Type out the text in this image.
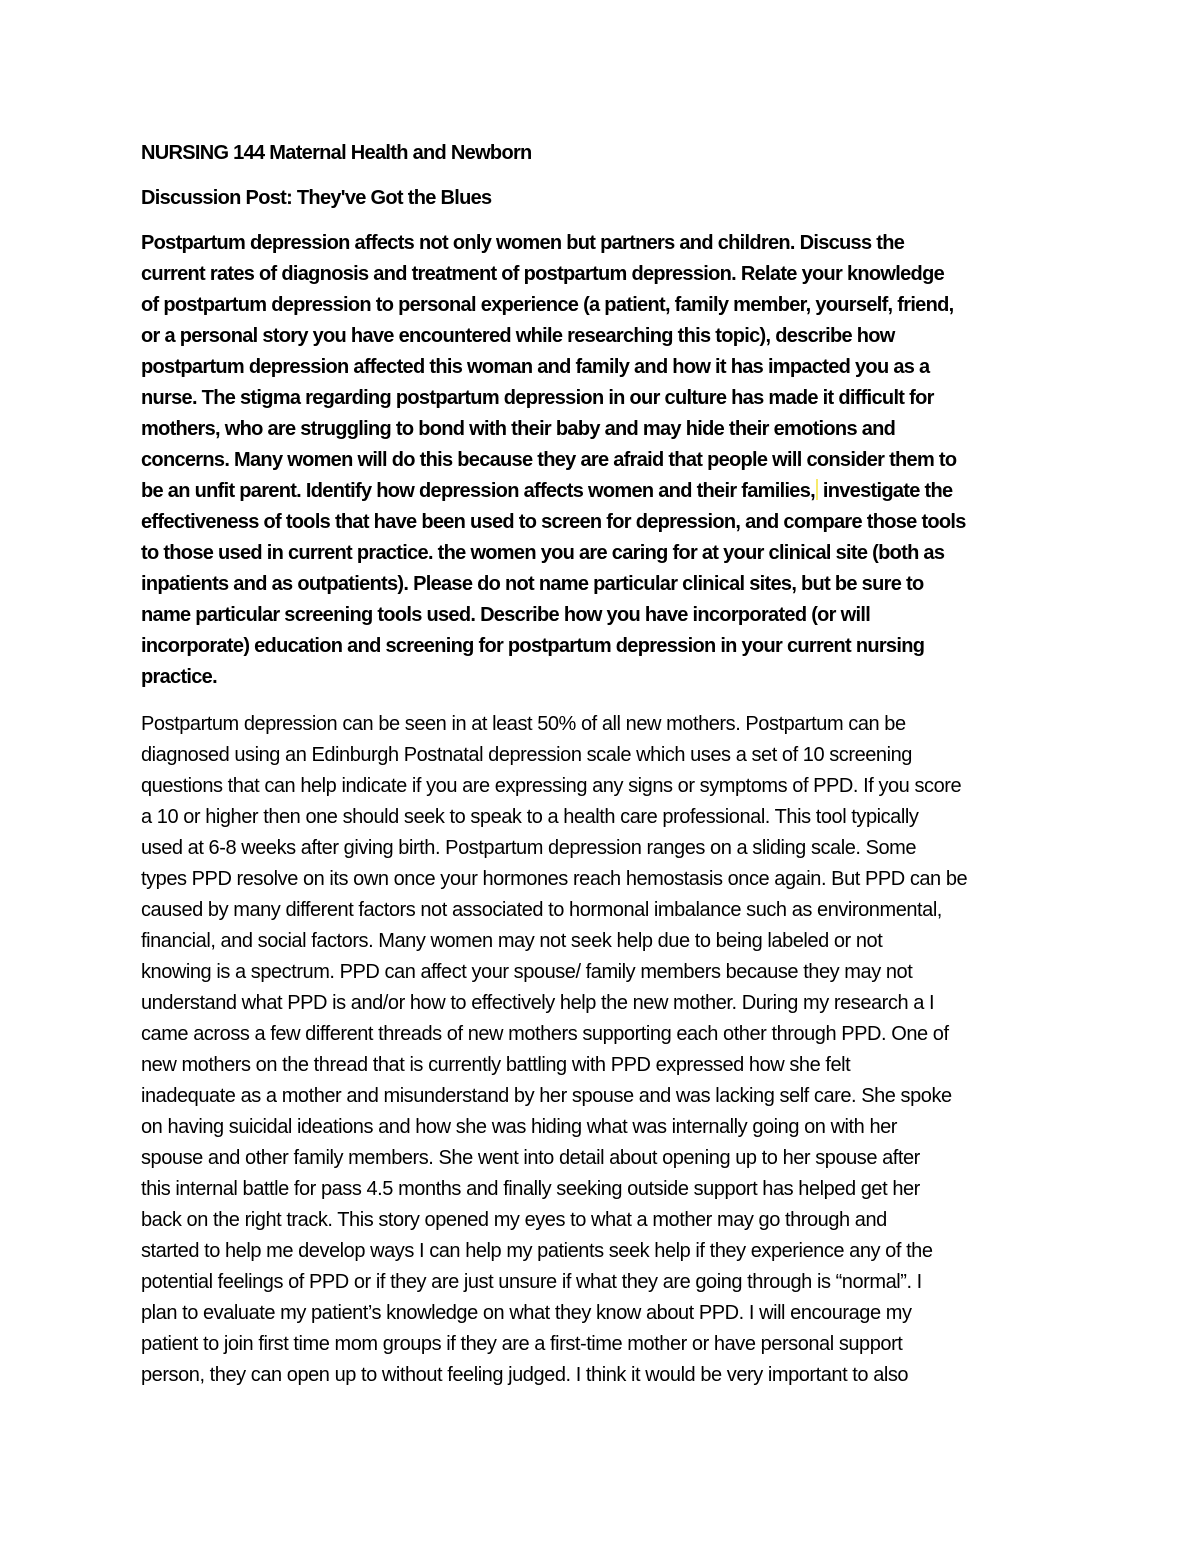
NURSING 144 Maternal Health and Newborn
Discussion Post: They've Got the Blues
Postpartum depression affects not only women but partners and children. Discuss the
current rates of diagnosis and treatment of postpartum depression. Relate your knowledge
of postpartum depression to personal experience (a patient, family member, yourself, friend,
or a personal story you have encountered while researching this topic), describe how
postpartum depression affected this woman and family and how it has impacted you as a
nurse. The stigma regarding postpartum depression in our culture has made it difficult for
mothers, who are struggling to bond with their baby and may hide their emotions and
concerns. Many women will do this because they are afraid that people will consider them to
be an unfit parent. Identify how depression affects women and their families, investigate the
effectiveness of tools that have been used to screen for depression, and compare those tools
to those used in current practice. the women you are caring for at your clinical site (both as
inpatients and as outpatients). Please do not name particular clinical sites, but be sure to
name particular screening tools used. Describe how you have incorporated (or will
incorporate) education and screening for postpartum depression in your current nursing
practice.
Postpartum depression can be seen in at least 50% of all new mothers. Postpartum can be
diagnosed using an Edinburgh Postnatal depression scale which uses a set of 10 screening
questions that can help indicate if you are expressing any signs or symptoms of PPD. If you score
a 10 or higher then one should seek to speak to a health care professional. This tool typically
used at 6-8 weeks after giving birth. Postpartum depression ranges on a sliding scale. Some
types PPD resolve on its own once your hormones reach hemostasis once again. But PPD can be
caused by many different factors not associated to hormonal imbalance such as environmental,
financial, and social factors. Many women may not seek help due to being labeled or not
knowing is a spectrum. PPD can affect your spouse/ family members because they may not
understand what PPD is and/or how to effectively help the new mother. During my research a I
came across a few different threads of new mothers supporting each other through PPD. One of
new mothers on the thread that is currently battling with PPD expressed how she felt
inadequate as a mother and misunderstand by her spouse and was lacking self care. She spoke
on having suicidal ideations and how she was hiding what was internally going on with her
spouse and other family members. She went into detail about opening up to her spouse after
this internal battle for pass 4.5 months and finally seeking outside support has helped get her
back on the right track. This story opened my eyes to what a mother may go through and
started to help me develop ways I can help my patients seek help if they experience any of the
potential feelings of PPD or if they are just unsure if what they are going through is “normal”. I
plan to evaluate my patient’s knowledge on what they know about PPD. I will encourage my
patient to join first time mom groups if they are a first-time mother or have personal support
person, they can open up to without feeling judged. I think it would be very important to also
